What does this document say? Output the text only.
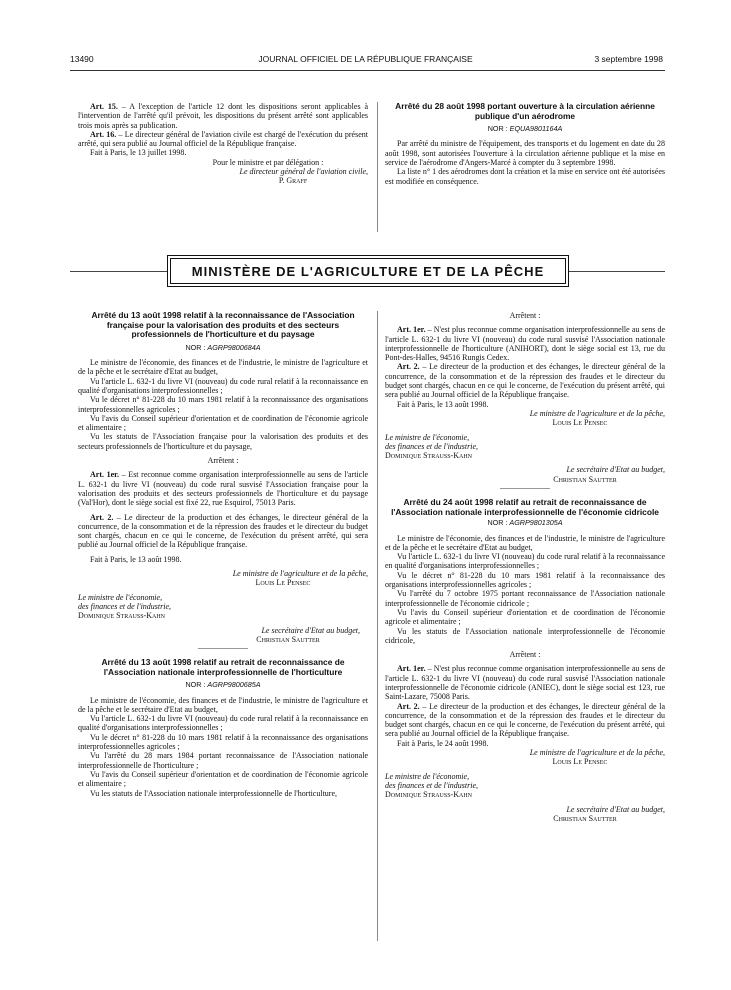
13490	JOURNAL OFFICIEL DE LA RÉPUBLIQUE FRANÇAISE	3 septembre 1998

Art. 15. – A l'exception de l'article 12 dont les dispositions seront applicables à l'intervention de l'arrêté qu'il prévoit, les dispositions du présent arrêté sont applicables trois mois après sa publication.

Art. 16. – Le directeur général de l'aviation civile est chargé de l'exécution du présent arrêté, qui sera publié au Journal officiel de la République française.

Fait à Paris, le 13 juillet 1998.

Pour le ministre et par délégation :

Le directeur général de l'aviation civile,

P. Graff

Arrêté du 28 août 1998 portant ouverture à la circulation aérienne publique d'un aérodrome
NOR : EQUA9801164A

Par arrêté du ministre de l'équipement, des transports et du logement en date du 28 août 1998, sont autorisées l'ouverture à la circulation aérienne publique et la mise en service de l'aérodrome d'Angers-Marcé à compter du 3 septembre 1998.

La liste n° 1 des aérodromes dont la création et la mise en service ont été autorisées est modifiée en conséquence.

MINISTÈRE DE L'AGRICULTURE ET DE LA PÊCHE
Arrêté du 13 août 1998 relatif à la reconnaissance de l'Association française pour la valorisation des produits et des secteurs professionnels de l'horticulture et du paysage
NOR : AGRP9800684A

Le ministre de l'économie, des finances et de l'industrie, le ministre de l'agriculture et de la pêche et le secrétaire d'Etat au budget,

Vu l'article L. 632-1 du livre VI (nouveau) du code rural relatif à la reconnaissance en qualité d'organisations interprofessionnelles ;

Vu le décret n° 81-228 du 10 mars 1981 relatif à la reconnaissance des organisations interprofessionnelles agricoles ;

Vu l'avis du Conseil supérieur d'orientation et de coordination de l'économie agricole et alimentaire ;

Vu les statuts de l'Association française pour la valorisation des produits et des secteurs professionnels de l'horticulture et du paysage,

Arrêtent :

Art. 1er. – Est reconnue comme organisation interprofessionnelle au sens de l'article L. 632-1 du livre VI (nouveau) du code rural susvisé l'Association française pour la valorisation des produits et des secteurs professionnels de l'horticulture et du paysage (Val'Hor), dont le siège social est fixé 22, rue Esquirol, 75013 Paris.

Art. 2. – Le directeur de la production et des échanges, le directeur général de la concurrence, de la consommation et de la répression des fraudes et le directeur du budget sont chargés, chacun en ce qui le concerne, de l'exécution du présent arrêté, qui sera publié au Journal officiel de la République française.

Fait à Paris, le 13 août 1998.

Le ministre de l'agriculture et de la pêche,

Louis Le Pensec

Le ministre de l'économie,

des finances et de l'industrie,

Dominique Strauss-Kahn

Le secrétaire d'Etat au budget,

Christian Sautter

Arrêté du 13 août 1998 relatif au retrait de reconnaissance de l'Association nationale interprofessionnelle de l'horticulture
NOR : AGRP9800685A

Le ministre de l'économie, des finances et de l'industrie, le ministre de l'agriculture et de la pêche et le secrétaire d'Etat au budget,

Vu l'article L. 632-1 du livre VI (nouveau) du code rural relatif à la reconnaissance en qualité d'organisations interprofessionnelles ;

Vu le décret n° 81-228 du 10 mars 1981 relatif à la reconnaissance des organisations interprofessionnelles agricoles ;

Vu l'arrêté du 28 mars 1984 portant reconnaissance de l'Association nationale interprofessionnelle de l'horticulture ;

Vu l'avis du Conseil supérieur d'orientation et de coordination de l'économie agricole et alimentaire ;

Vu les statuts de l'Association nationale interprofessionnelle de l'horticulture,

Arrêtent :

Art. 1er. – N'est plus reconnue comme organisation interprofessionnelle au sens de l'article L. 632-1 du livre VI (nouveau) du code rural susvisé l'Association nationale interprofessionnelle de l'horticulture (ANIHORT), dont le siège social est 13, rue du Pont-des-Halles, 94516 Rungis Cedex.

Art. 2. – Le directeur de la production et des échanges, le directeur général de la concurrence, de la consommation et de la répression des fraudes et le directeur du budget sont chargés, chacun en ce qui le concerne, de l'exécution du présent arrêté, qui sera publié au Journal officiel de la République française.

Fait à Paris, le 13 août 1998.

Le ministre de l'agriculture et de la pêche,

Louis Le Pensec

Le ministre de l'économie,

des finances et de l'industrie,

Dominique Strauss-Kahn

Le secrétaire d'Etat au budget,

Christian Sautter

Arrêté du 24 août 1998 relatif au retrait de reconnaissance de l'Association nationale interprofessionnelle de l'économie cidricole
NOR : AGRP9801305A

Le ministre de l'économie, des finances et de l'industrie, le ministre de l'agriculture et de la pêche et le secrétaire d'Etat au budget,

Vu l'article L. 632-1 du livre VI (nouveau) du code rural relatif à la reconnaissance en qualité d'organisations interprofessionnelles ;

Vu le décret n° 81-228 du 10 mars 1981 relatif à la reconnaissance des organisations interprofessionnelles agricoles ;

Vu l'arrêté du 7 octobre 1975 portant reconnaissance de l'Association nationale interprofessionnelle de l'économie cidricole ;

Vu l'avis du Conseil supérieur d'orientation et de coordination de l'économie agricole et alimentaire ;

Vu les statuts de l'Association nationale interprofessionnelle de l'économie cidricole,

Arrêtent :

Art. 1er. – N'est plus reconnue comme organisation interprofessionnelle au sens de l'article L. 632-1 du livre VI (nouveau) du code rural susvisé l'Association nationale interprofessionnelle de l'économie cidricole (ANIEC), dont le siège social est 123, rue Saint-Lazare, 75008 Paris.

Art. 2. – Le directeur de la production et des échanges, le directeur général de la concurrence, de la consommation et de la répression des fraudes et le directeur du budget sont chargés, chacun en ce qui le concerne, de l'exécution du présent arrêté, qui sera publié au Journal officiel de la République française.

Fait à Paris, le 24 août 1998.

Le ministre de l'agriculture et de la pêche,

Louis Le Pensec

Le ministre de l'économie,

des finances et de l'industrie,

Dominique Strauss-Kahn

Le secrétaire d'Etat au budget,

Christian Sautter
